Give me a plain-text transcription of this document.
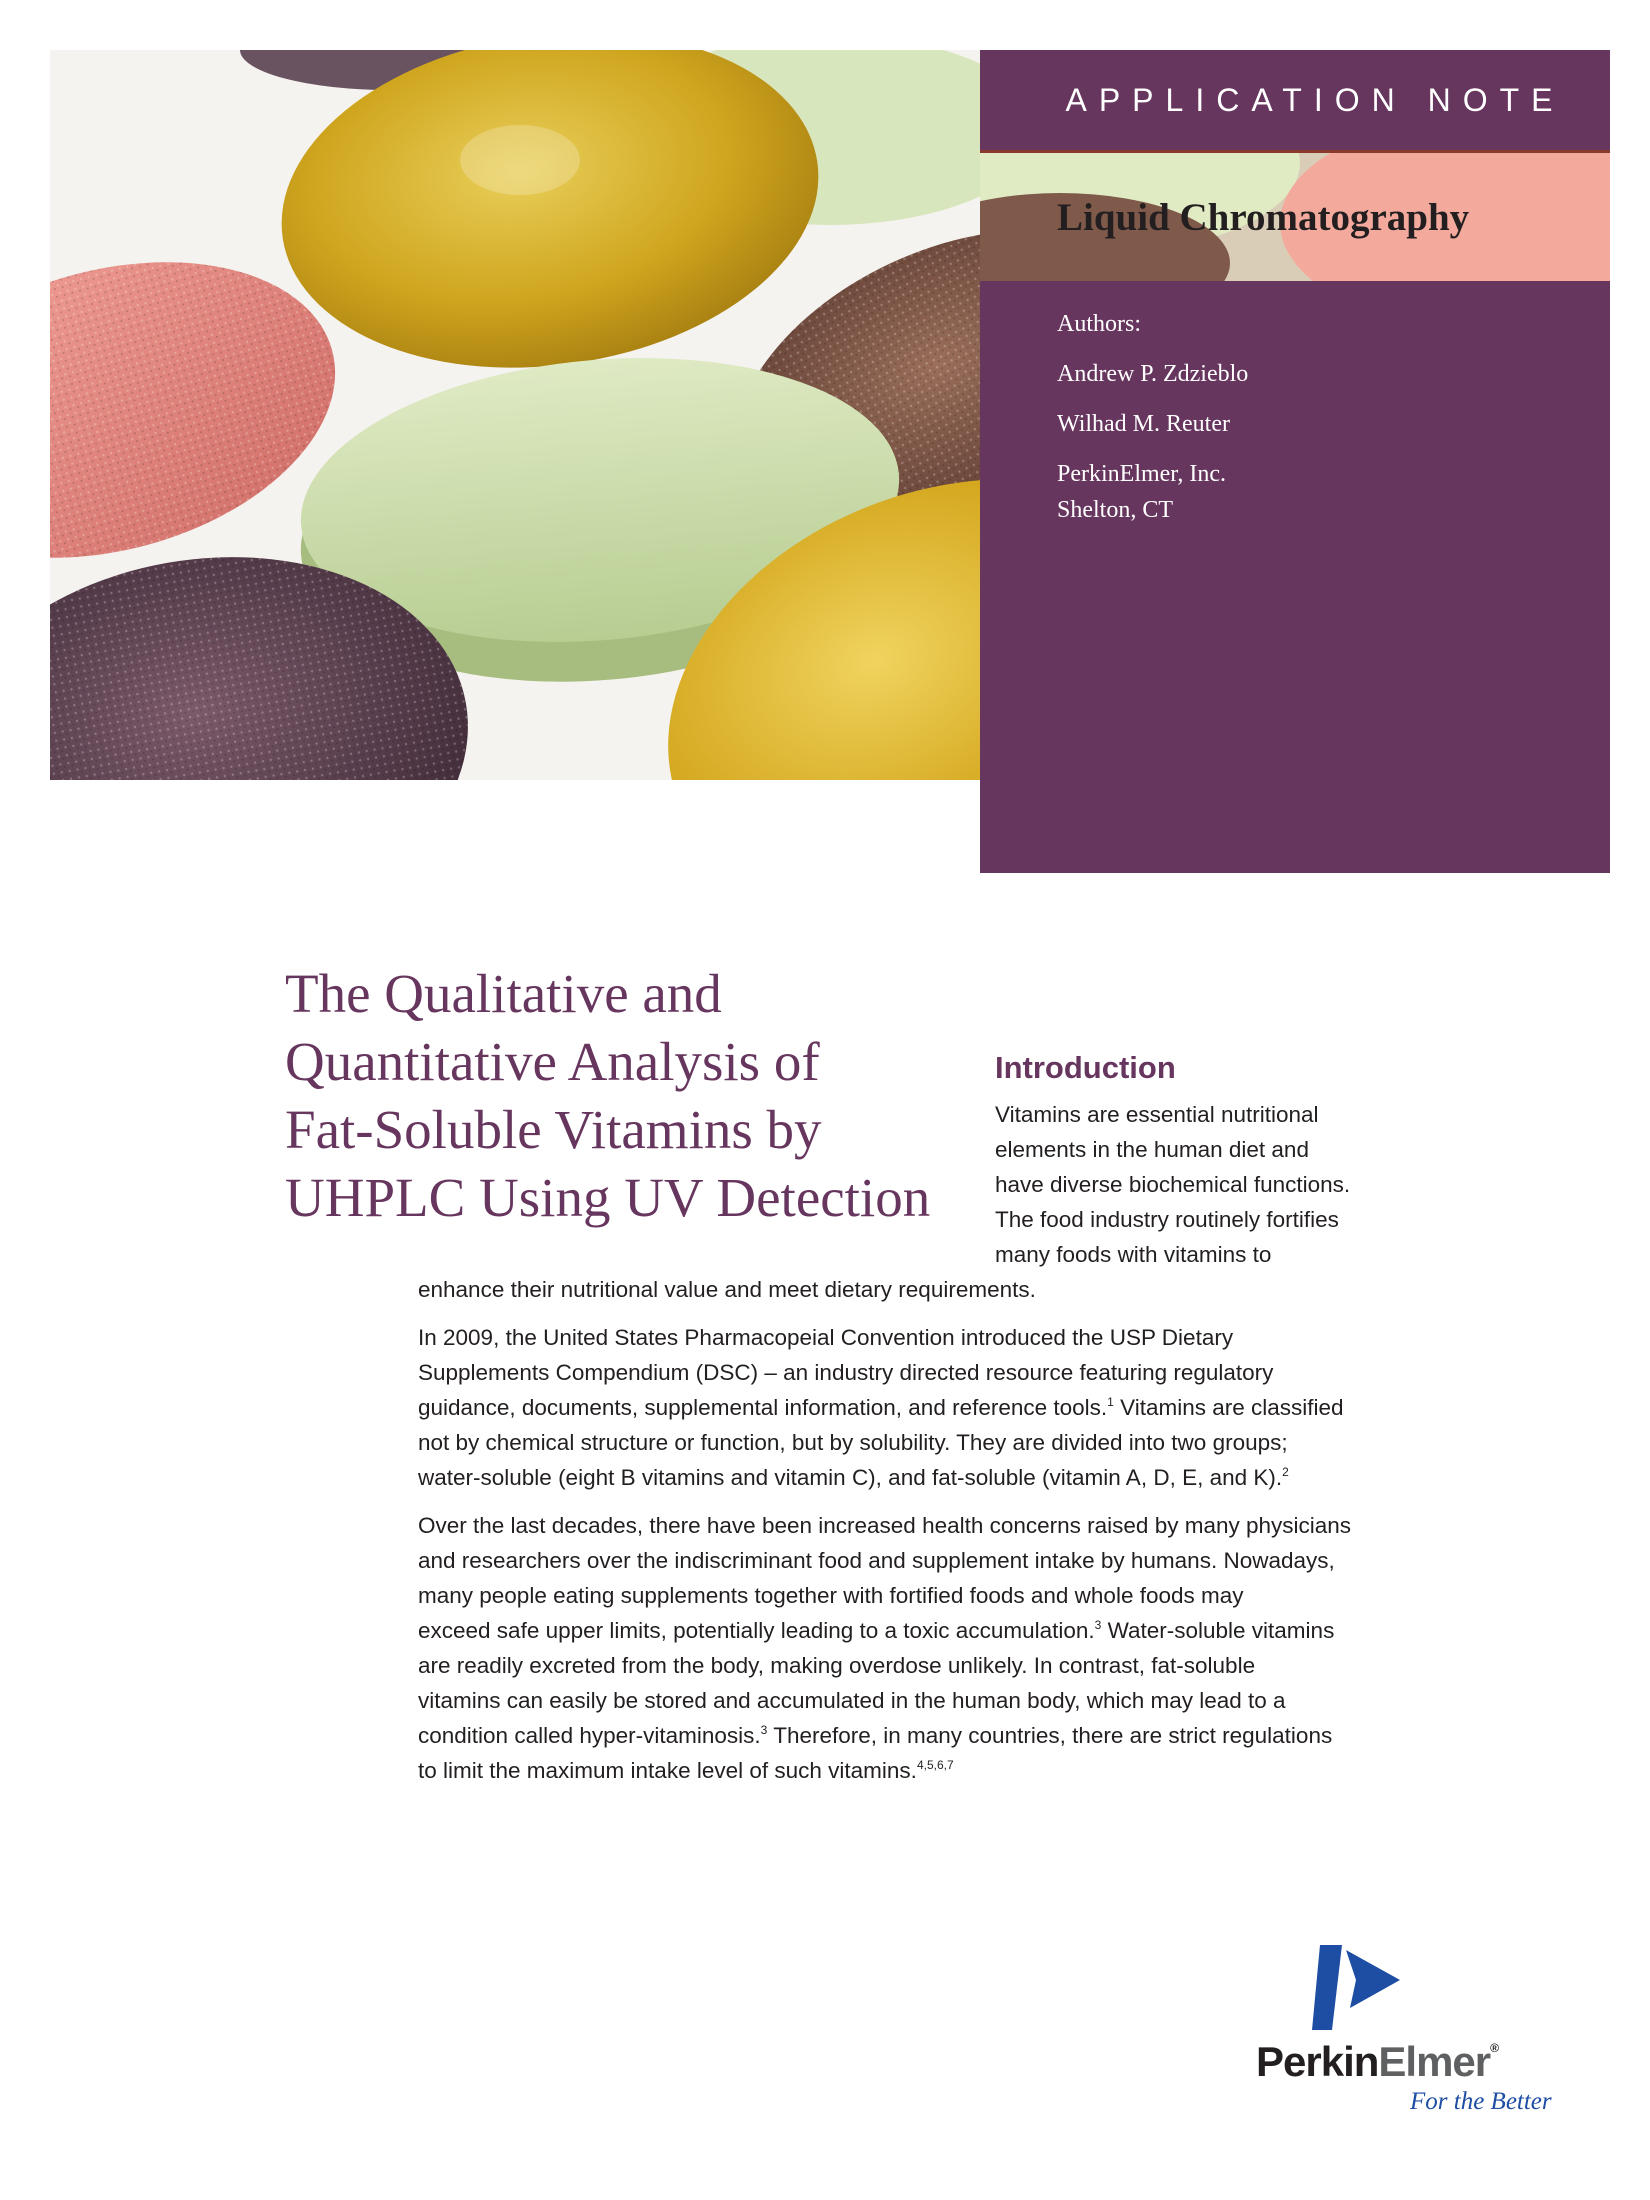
APPLICATION NOTE
Liquid Chromatography
Authors:
Andrew P. Zdzieblo
Wilhad M. Reuter
PerkinElmer, Inc.
Shelton, CT
The Qualitative and
Quantitative Analysis of
Fat-Soluble Vitamins by
UHPLC Using UV Detection
Introduction
Vitamins are essential nutritional
elements in the human diet and
have diverse biochemical functions.
The food industry routinely fortifies
many foods with vitamins to
enhance their nutritional value and meet dietary requirements.
In 2009, the United States Pharmacopeial Convention introduced the USP Dietary
Supplements Compendium (DSC) – an industry directed resource featuring regulatory
guidance, documents, supplemental information, and reference tools.$^1$ Vitamins are classified
not by chemical structure or function, but by solubility. They are divided into two groups;
water-soluble (eight B vitamins and vitamin C), and fat-soluble (vitamin A, D, E, and K).$^2$
Over the last decades, there have been increased health concerns raised by many physicians
and researchers over the indiscriminant food and supplement intake by humans. Nowadays,
many people eating supplements together with fortified foods and whole foods may
exceed safe upper limits, potentially leading to a toxic accumulation.$^3$ Water-soluble vitamins
are readily excreted from the body, making overdose unlikely. In contrast, fat-soluble
vitamins can easily be stored and accumulated in the human body, which may lead to a
condition called hyper-vitaminosis.$^3$ Therefore, in many countries, there are strict regulations
to limit the maximum intake level of such vitamins.$^{4,5,6,7}$
PerkinElmer®
For the Better
